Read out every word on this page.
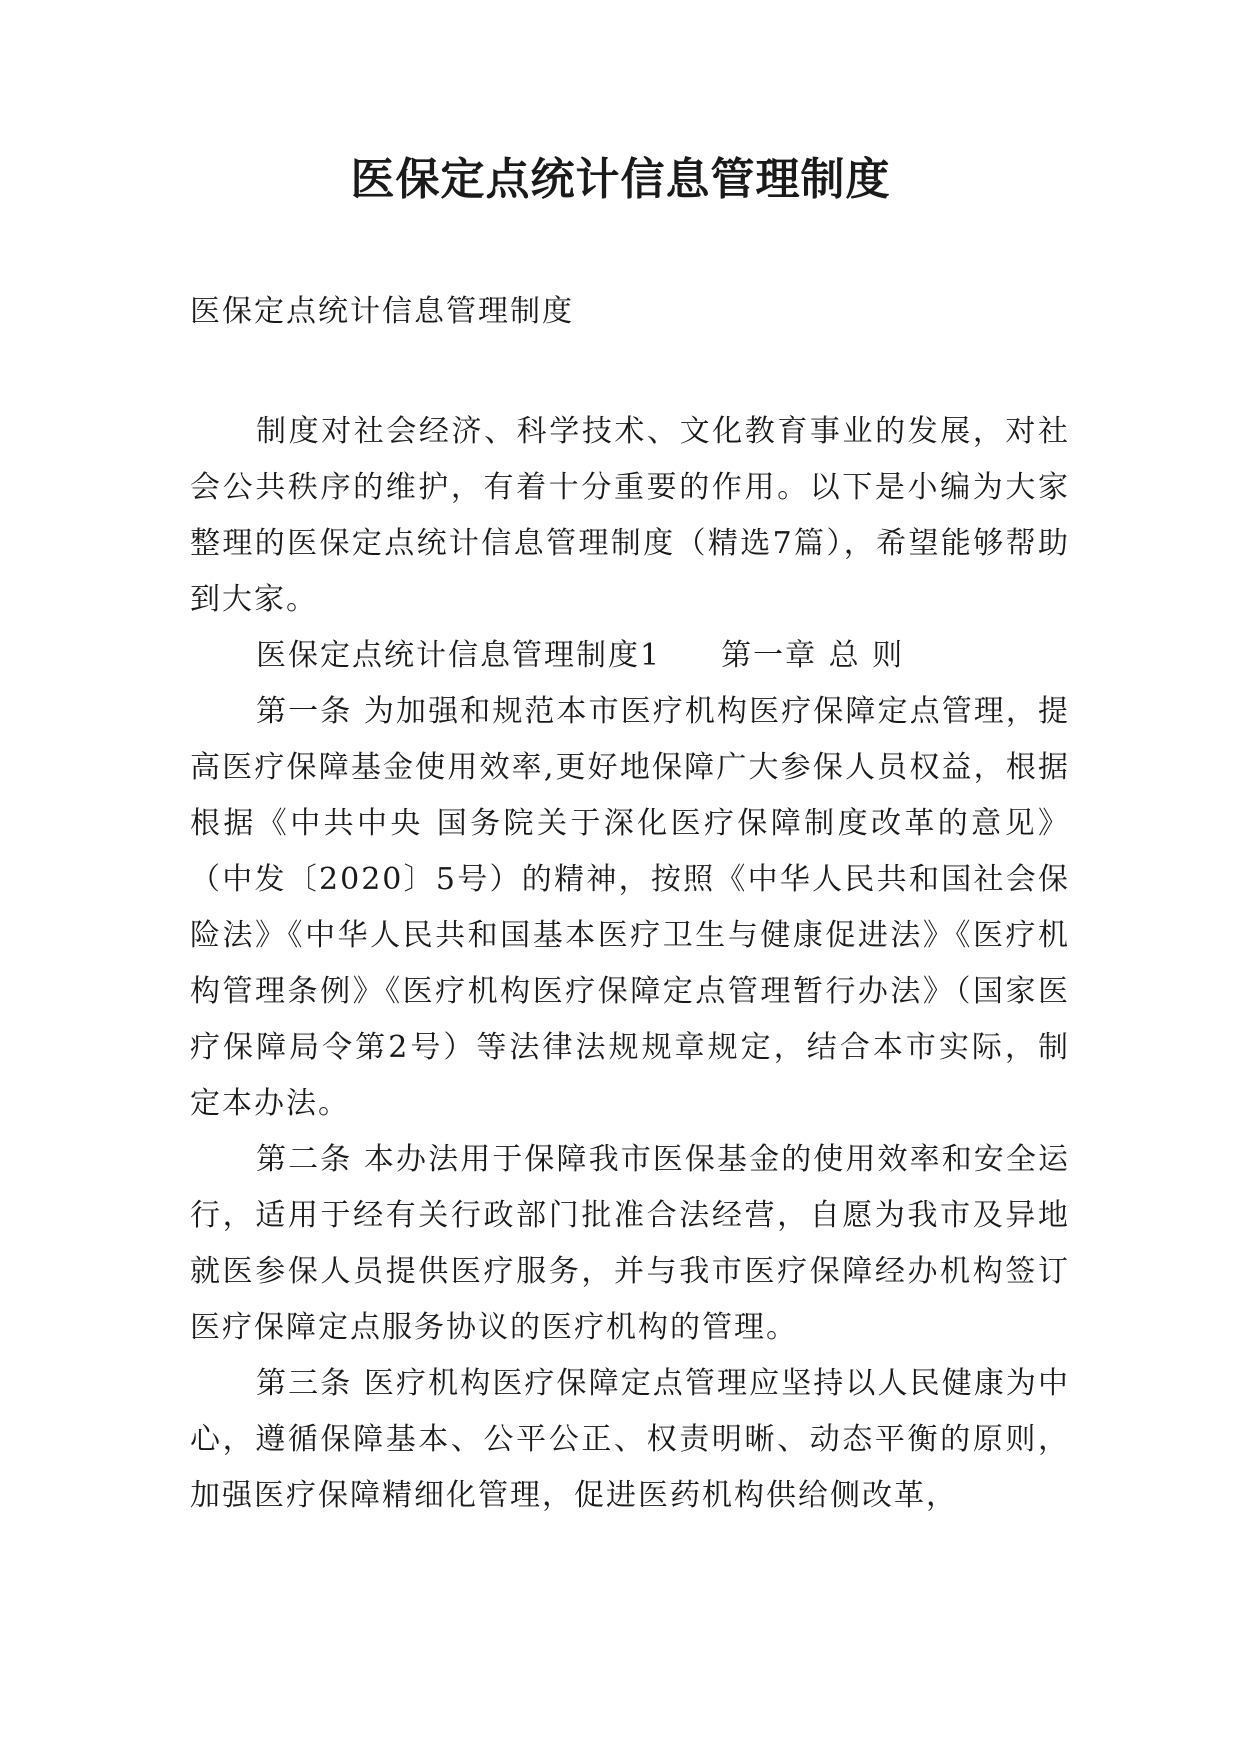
医保定点统计信息管理制度
医保定点统计信息管理制度

制度对社会经济、科学技术、文化教育事业的发展，对社会公共秩序的维护，有着十分重要的作用。以下是小编为大家整理的医保定点统计信息管理制度（精选7篇），希望能够帮助到大家。

医保定点统计信息管理制度1 第一章 总 则

第一条 为加强和规范本市医疗机构医疗保障定点管理，提高医疗保障基金使用效率,更好地保障广大参保人员权益，根据根据《中共中央 国务院关于深化医疗保障制度改革的意见》（中发〔2020〕5号）的精神，按照《中华人民共和国社会保险法》《中华人民共和国基本医疗卫生与健康促进法》《医疗机构管理条例》《医疗机构医疗保障定点管理暂行办法》（国家医疗保障局令第2号）等法律法规规章规定，结合本市实际，制定本办法。

第二条 本办法用于保障我市医保基金的使用效率和安全运行，适用于经有关行政部门批准合法经营，自愿为我市及异地就医参保人员提供医疗服务，并与我市医疗保障经办机构签订医疗保障定点服务协议的医疗机构的管理。

第三条 医疗机构医疗保障定点管理应坚持以人民健康为中心，遵循保障基本、公平公正、权责明晰、动态平衡的原则，加强医疗保障精细化管理，促进医药机构供给侧改革，
